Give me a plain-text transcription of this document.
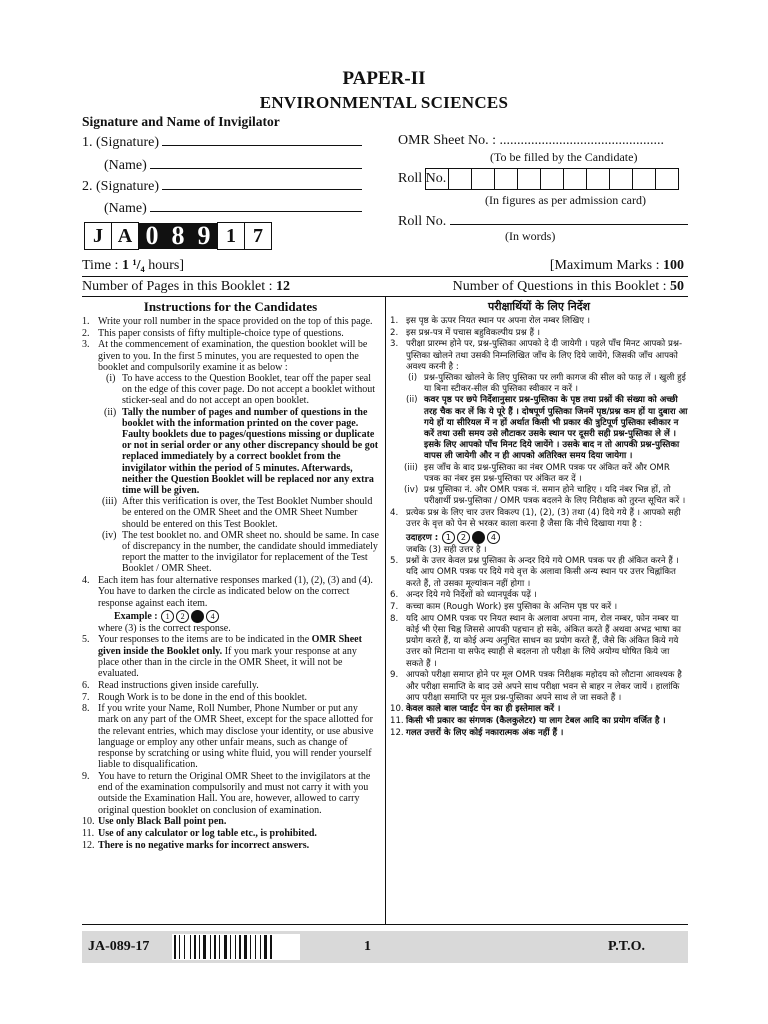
PAPER-II
ENVIRONMENTAL SCIENCES
Signature and Name of Invigilator
1. (Signature)
(Name)
2. (Signature)
(Name)
OMR Sheet No. : ...............................................
(To be filled by the Candidate)
Roll No.
(In figures as per admission card)
Roll No.
(In words)
J A 0 8 9 1 7
Time : 1 ¹/₄ hours]	[Maximum Marks : 100
Number of Pages in this Booklet : 12	Number of Questions in this Booklet : 50
Instructions for the Candidates
1. Write your roll number in the space provided on the top of this page.
2. This paper consists of fifty multiple-choice type of questions.
3. At the commencement of examination, the question booklet will be given to you. In the first 5 minutes, you are requested to open the booklet and compulsorily examine it as below :
(i) To have access to the Question Booklet, tear off the paper seal on the edge of this cover page. Do not accept a booklet without sticker-seal and do not accept an open booklet.
(ii) Tally the number of pages and number of questions in the booklet with the information printed on the cover page. Faulty booklets due to pages/questions missing or duplicate or not in serial order or any other discrepancy should be got replaced immediately by a correct booklet from the invigilator within the period of 5 minutes. Afterwards, neither the Question Booklet will be replaced nor any extra time will be given.
(iii) After this verification is over, the Test Booklet Number should be entered on the OMR Sheet and the OMR Sheet Number should be entered on this Test Booklet.
(iv) The test booklet no. and OMR sheet no. should be same. In case of discrepancy in the number, the candidate should immediately report the matter to the invigilator for replacement of the Test Booklet / OMR Sheet.
4. Each item has four alternative responses marked (1), (2), (3) and (4). You have to darken the circle as indicated below on the correct response against each item.
Example : 1 2 3 4
where (3) is the correct response.
5. Your responses to the items are to be indicated in the OMR Sheet given inside the Booklet only. If you mark your response at any place other than in the circle in the OMR Sheet, it will not be evaluated.
6. Read instructions given inside carefully.
7. Rough Work is to be done in the end of this booklet.
8. If you write your Name, Roll Number, Phone Number or put any mark on any part of the OMR Sheet, except for the space allotted for the relevant entries, which may disclose your identity, or use abusive language or employ any other unfair means, such as change of response by scratching or using white fluid, you will render yourself liable to disqualification.
9. You have to return the Original OMR Sheet to the invigilators at the end of the examination compulsorily and must not carry it with you outside the Examination Hall. You are, however, allowed to carry original question booklet on conclusion of examination.
10. Use only Black Ball point pen.
11. Use of any calculator or log table etc., is prohibited.
12. There is no negative marks for incorrect answers.
परीक्षार्थियों के लिए निर्देश
1. इस पृष्ठ के ऊपर नियत स्थान पर अपना रोल नम्बर लिखिए ।
2. इस प्रश्न-पत्र में पचास बहुविकल्पीय प्रश्न हैं ।
3. परीक्षा प्रारम्भ होने पर, प्रश्न-पुस्तिका आपको दे दी जायेगी । पहले पाँच मिनट आपको प्रश्न-पुस्तिका खोलने तथा उसकी निम्नलिखित जाँच के लिए दिये जायेंगे, जिसकी जाँच आपको अवश्य करनी है :
(i) प्रश्न-पुस्तिका खोलने के लिए पुस्तिका पर लगी कागज की सील को फाड़ लें । खुली हुई या बिना स्टीकर-सील की पुस्तिका स्वीकार न करें ।
(ii) कवर पृष्ठ पर छपे निर्देशानुसार प्रश्न-पुस्तिका के पृष्ठ तथा प्रश्नों की संख्या को अच्छी तरह चैक कर लें कि ये पूरे हैं । दोषपूर्ण पुस्तिका जिनमें पृष्ठ/प्रश्न कम हों या दुबारा आ गये हों या सीरियल में न हों अर्थात किसी भी प्रकार की त्रुटिपूर्ण पुस्तिका स्वीकार न करें तथा उसी समय उसे लौटाकर उसके स्थान पर दूसरी सही प्रश्न-पुस्तिका ले लें । इसके लिए आपको पाँच मिनट दिये जायेंगे । उसके बाद न तो आपकी प्रश्न-पुस्तिका वापस ली जायेगी और न ही आपको अतिरिक्त समय दिया जायेगा ।
(iii) इस जाँच के बाद प्रश्न-पुस्तिका का नंबर OMR पत्रक पर अंकित करें और OMR पत्रक का नंबर इस प्रश्न-पुस्तिका पर अंकित कर दें ।
(iv) प्रश्न पुस्तिका नं. और OMR पत्रक नं. समान होने चाहिए । यदि नंबर भिन्न हों, तो परीक्षार्थी प्रश्न-पुस्तिका / OMR पत्रक बदलने के लिए निरीक्षक को तुरन्त सूचित करें ।
4. प्रत्येक प्रश्न के लिए चार उत्तर विकल्प (1), (2), (3) तथा (4) दिये गये हैं । आपको सही उत्तर के वृत्त को पेन से भरकर काला करना है जैसा कि नीचे दिखाया गया है :
उदाहरण : 1 2 3 4
जबकि (3) सही उत्तर है ।
5. प्रश्नों के उत्तर केवल प्रश्न पुस्तिका के अन्दर दिये गये OMR पत्रक पर ही अंकित करने हैं । यदि आप OMR पत्रक पर दिये गये वृत्त के अलावा किसी अन्य स्थान पर उत्तर चिह्नांकित करते हैं, तो उसका मूल्यांकन नहीं होगा ।
6. अन्दर दिये गये निर्देशों को ध्यानपूर्वक पढ़ें ।
7. कच्चा काम (Rough Work) इस पुस्तिका के अन्तिम पृष्ठ पर करें ।
8. यदि आप OMR पत्रक पर नियत स्थान के अलावा अपना नाम, रोल नम्बर, फोन नम्बर या कोई भी ऐसा चिह्न जिससे आपकी पहचान हो सके, अंकित करते हैं अथवा अभद्र भाषा का प्रयोग करते हैं, या कोई अन्य अनुचित साधन का प्रयोग करते हैं, जैसे कि अंकित किये गये उत्तर को मिटाना या सफेद स्याही से बदलना तो परीक्षा के लिये अयोग्य घोषित किये जा सकते हैं ।
9. आपको परीक्षा समाप्त होने पर मूल OMR पत्रक निरीक्षक महोदय को लौटाना आवश्यक है और परीक्षा समाप्ति के बाद उसे अपने साथ परीक्षा भवन से बाहर न लेकर जायें । हालांकि आप परीक्षा समाप्ति पर मूल प्रश्न-पुस्तिका अपने साथ ले जा सकते हैं ।
10. केवल काले बाल प्वाईंट पेन का ही इस्तेमाल करें ।
11. किसी भी प्रकार का संगणक (कैलकुलेटर) या लाग टेबल आदि का प्रयोग वर्जित है ।
12. गलत उत्तरों के लिए कोई नकारात्मक अंक नहीं हैं ।
JA-089-17	1	P.T.O.
